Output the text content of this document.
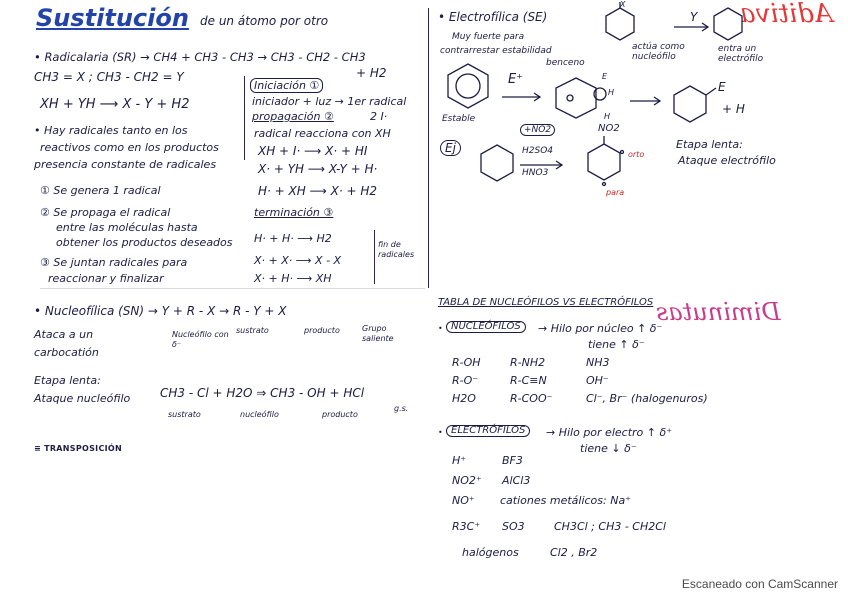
Sustitución de un átomo por otro
• Radicalaria (SR) → CH4 + CH3 - CH3 → CH3 - CH2 - CH3
+ H2
CH3 = X ; CH3 - CH2 = Y
XH + YH ⟶ X - Y + H2
• Hay radicales tanto en los
reactivos como en los productos
presencia constante de radicales
① Se genera 1 radical
② Se propaga el radical
entre las moléculas hasta
obtener los productos deseados
③ Se juntan radicales para
reaccionar y finalizar
Iniciación ①
iniciador + luz → 1er radical
propagación ②	2 I·
radical reacciona con XH
XH + I· ⟶ X· + HI
X· + YH ⟶ X-Y + H·
H· + XH ⟶ X· + H2
terminación ③
H· + H· ⟶ H2
X· + X· ⟶ X - X
X· + H· ⟶ XH
fin de radicales
• Nucleofílica (SN) → Y + R - X → R - Y + X
Nucleófilo con δ⁻
sustrato	producto	Grupo saliente
Ataca a un
carbocatión
Etapa lenta:
Ataque nucleófilo CH3 - Cl + H2O ⇒ CH3 - OH + HCl
sustrato	nucleófilo	producto
g.s.
≡ TRANSPOSICIÓN
• Electrofílica (SE)
Muy fuerte para
contrarrestar estabilidad
benceno
actúa como nucleófilo
entra un electrófilo
Estable
E⁺
Y
X
E
+ H
E
H
H
Aditiva
+NO2
H2SO4
HNO3
Ej
NO2
orto
para
Etapa lenta:
Ataque electrófilo
TABLA DE NUCLEÓFILOS VS ELECTRÓFILOS Diminutas
• NUCLEÓFILOS	→ Hilo por núcleo ↑ δ⁻
tiene ↑ δ⁻
R-OH	R-NH2	NH3
R-O⁻	R-C≡N	OH⁻
H2O	R-COO⁻	Cl⁻, Br⁻ (halogenuros)
• ELECTRÓFILOS	→ Hilo por electro ↑ δ⁺
tiene ↓ δ⁻
H⁺	BF3
NO2⁺ AlCl3
NO⁺ cationes metálicos: Na⁺
R3C⁺ SO3	CH3Cl ; CH3 - CH2Cl
halógenos	Cl2 , Br2
Escaneado con CamScanner
